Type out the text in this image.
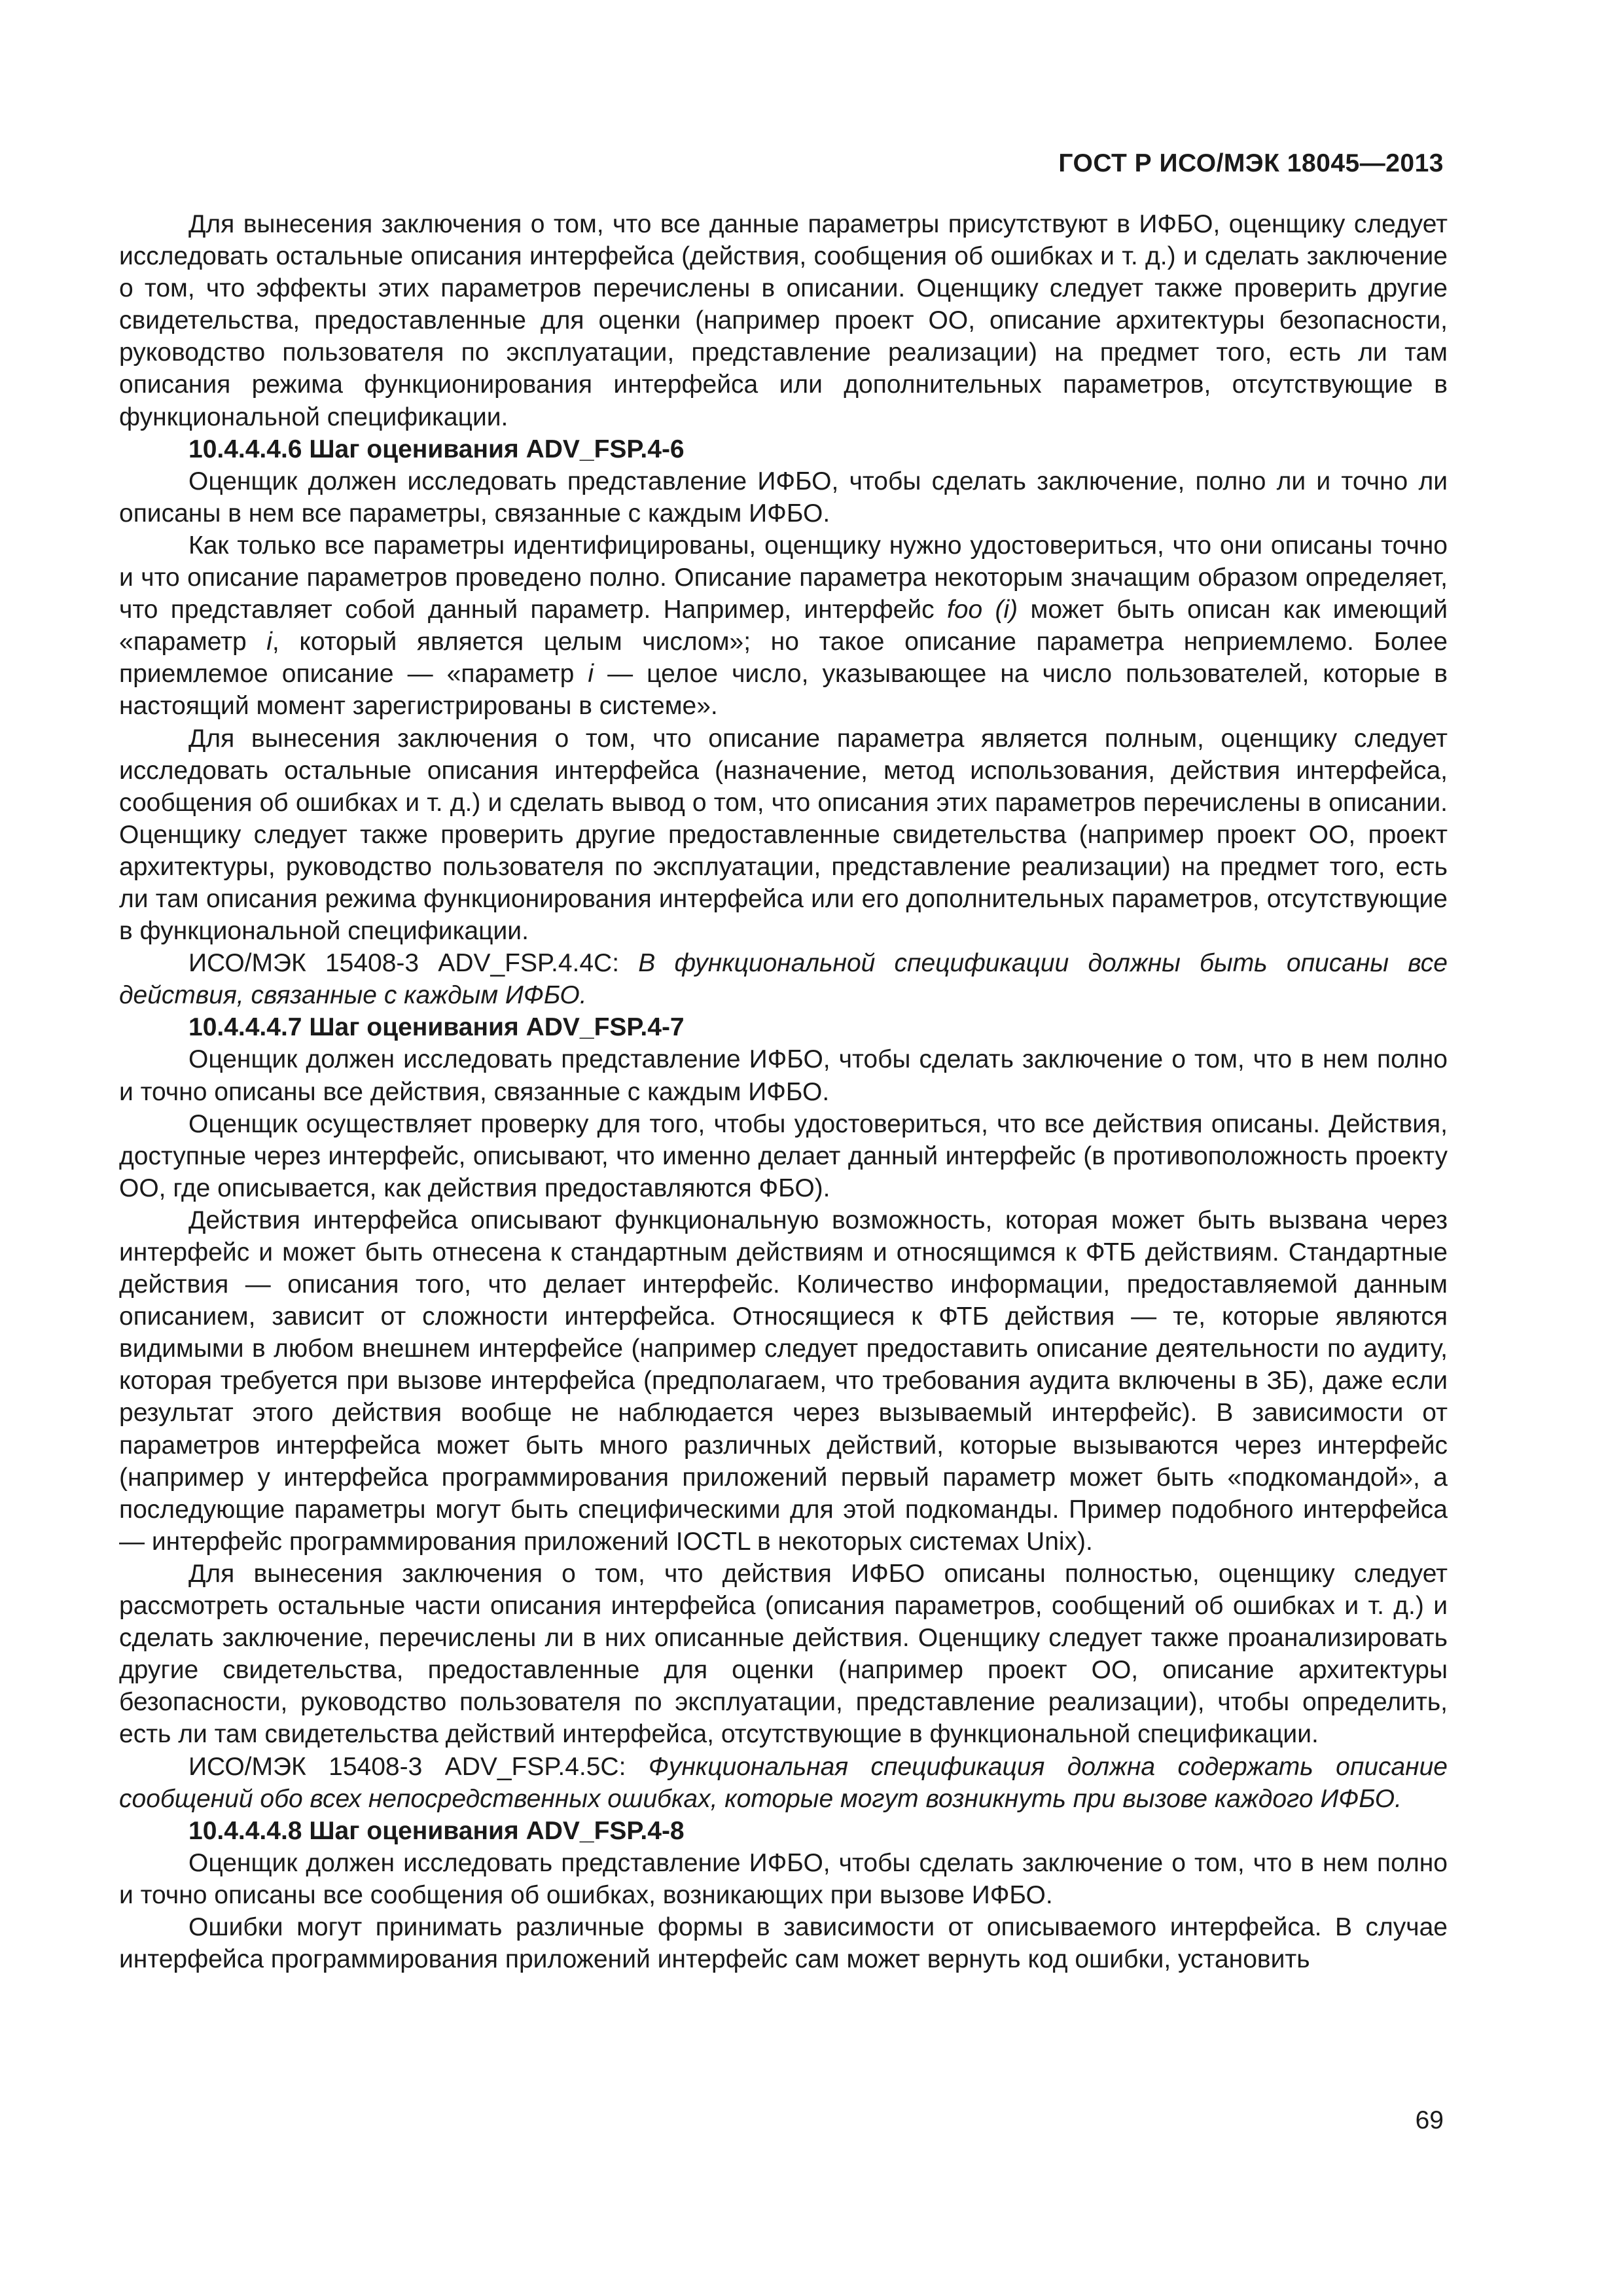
ГОСТ Р ИСО/МЭК 18045—2013

Для вынесения заключения о том, что все данные параметры присутствуют в ИФБО, оценщику следует исследовать остальные описания интерфейса (действия, сообщения об ошибках и т. д.) и сделать заключение о том, что эффекты этих параметров перечислены в описании. Оценщику следует также проверить другие свидетельства, предоставленные для оценки (например проект ОО, описание архитектуры безопасности, руководство пользователя по эксплуатации, представление реализации) на предмет того, есть ли там описания режима функционирования интерфейса или дополнительных параметров, отсутствующие в функциональной спецификации.

10.4.4.4.6 Шаг оценивания ADV_FSP.4-6

Оценщик должен исследовать представление ИФБО, чтобы сделать заключение, полно ли и точно ли описаны в нем все параметры, связанные с каждым ИФБО.

Как только все параметры идентифицированы, оценщику нужно удостовериться, что они описаны точно и что описание параметров проведено полно. Описание параметра некоторым значащим образом определяет, что представляет собой данный параметр. Например, интерфейс foo (i) может быть описан как имеющий «параметр i, который является целым числом»; но такое описание параметра неприемлемо. Более приемлемое описание — «параметр i — целое число, указывающее на число пользователей, которые в настоящий момент зарегистрированы в системе».

Для вынесения заключения о том, что описание параметра является полным, оценщику следует исследовать остальные описания интерфейса (назначение, метод использования, действия интерфейса, сообщения об ошибках и т. д.) и сделать вывод о том, что описания этих параметров перечислены в описании. Оценщику следует также проверить другие предоставленные свидетельства (например проект ОО, проект архитектуры, руководство пользователя по эксплуатации, представление реализации) на предмет того, есть ли там описания режима функционирования интерфейса или его дополнительных параметров, отсутствующие в функциональной спецификации.

ИСО/МЭК 15408-3 ADV_FSP.4.4C: В функциональной спецификации должны быть описаны все действия, связанные с каждым ИФБО.

10.4.4.4.7 Шаг оценивания ADV_FSP.4-7

Оценщик должен исследовать представление ИФБО, чтобы сделать заключение о том, что в нем полно и точно описаны все действия, связанные с каждым ИФБО.

Оценщик осуществляет проверку для того, чтобы удостовериться, что все действия описаны. Действия, доступные через интерфейс, описывают, что именно делает данный интерфейс (в противоположность проекту ОО, где описывается, как действия предоставляются ФБО).

Действия интерфейса описывают функциональную возможность, которая может быть вызвана через интерфейс и может быть отнесена к стандартным действиям и относящимся к ФТБ действиям. Стандартные действия — описания того, что делает интерфейс. Количество информации, предоставляемой данным описанием, зависит от сложности интерфейса. Относящиеся к ФТБ действия — те, которые являются видимыми в любом внешнем интерфейсе (например следует предоставить описание деятельности по аудиту, которая требуется при вызове интерфейса (предполагаем, что требования аудита включены в ЗБ), даже если результат этого действия вообще не наблюдается через вызываемый интерфейс). В зависимости от параметров интерфейса может быть много различных действий, которые вызываются через интерфейс (например у интерфейса программирования приложений первый параметр может быть «подкомандой», а последующие параметры могут быть специфическими для этой подкоманды. Пример подобного интерфейса — интерфейс программирования приложений IOCTL в некоторых системах Unix).

Для вынесения заключения о том, что действия ИФБО описаны полностью, оценщику следует рассмотреть остальные части описания интерфейса (описания параметров, сообщений об ошибках и т. д.) и сделать заключение, перечислены ли в них описанные действия. Оценщику следует также проанализировать другие свидетельства, предоставленные для оценки (например проект ОО, описание архитектуры безопасности, руководство пользователя по эксплуатации, представление реализации), чтобы определить, есть ли там свидетельства действий интерфейса, отсутствующие в функциональной спецификации.

ИСО/МЭК 15408-3 ADV_FSP.4.5C: Функциональная спецификация должна содержать описание сообщений обо всех непосредственных ошибках, которые могут возникнуть при вызове каждого ИФБО.

10.4.4.4.8 Шаг оценивания ADV_FSP.4-8

Оценщик должен исследовать представление ИФБО, чтобы сделать заключение о том, что в нем полно и точно описаны все сообщения об ошибках, возникающих при вызове ИФБО.

Ошибки могут принимать различные формы в зависимости от описываемого интерфейса. В случае интерфейса программирования приложений интерфейс сам может вернуть код ошибки, установить

69
